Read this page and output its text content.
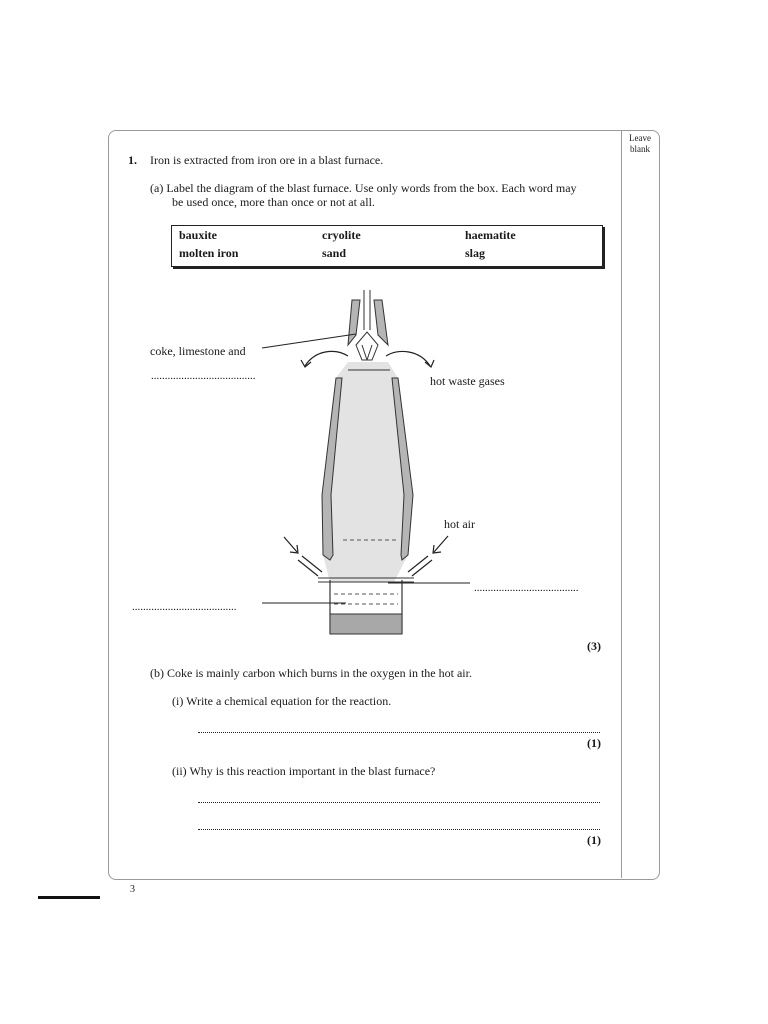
Leave
blank
1. Iron is extracted from iron ore in a blast furnace.
(a) Label the diagram of the blast furnace. Use only words from the box. Each word may
be used once, more than once or not at all.
bauxite	cryolite	haematite
molten iron	sand	slag
coke, limestone and
......................................	hot waste gases
hot air
......................................
......................................
(3)
(b) Coke is mainly carbon which burns in the oxygen in the hot air.
(i) Write a chemical equation for the reaction.
(1)
(ii) Why is this reaction important in the blast furnace?
(1)
3
